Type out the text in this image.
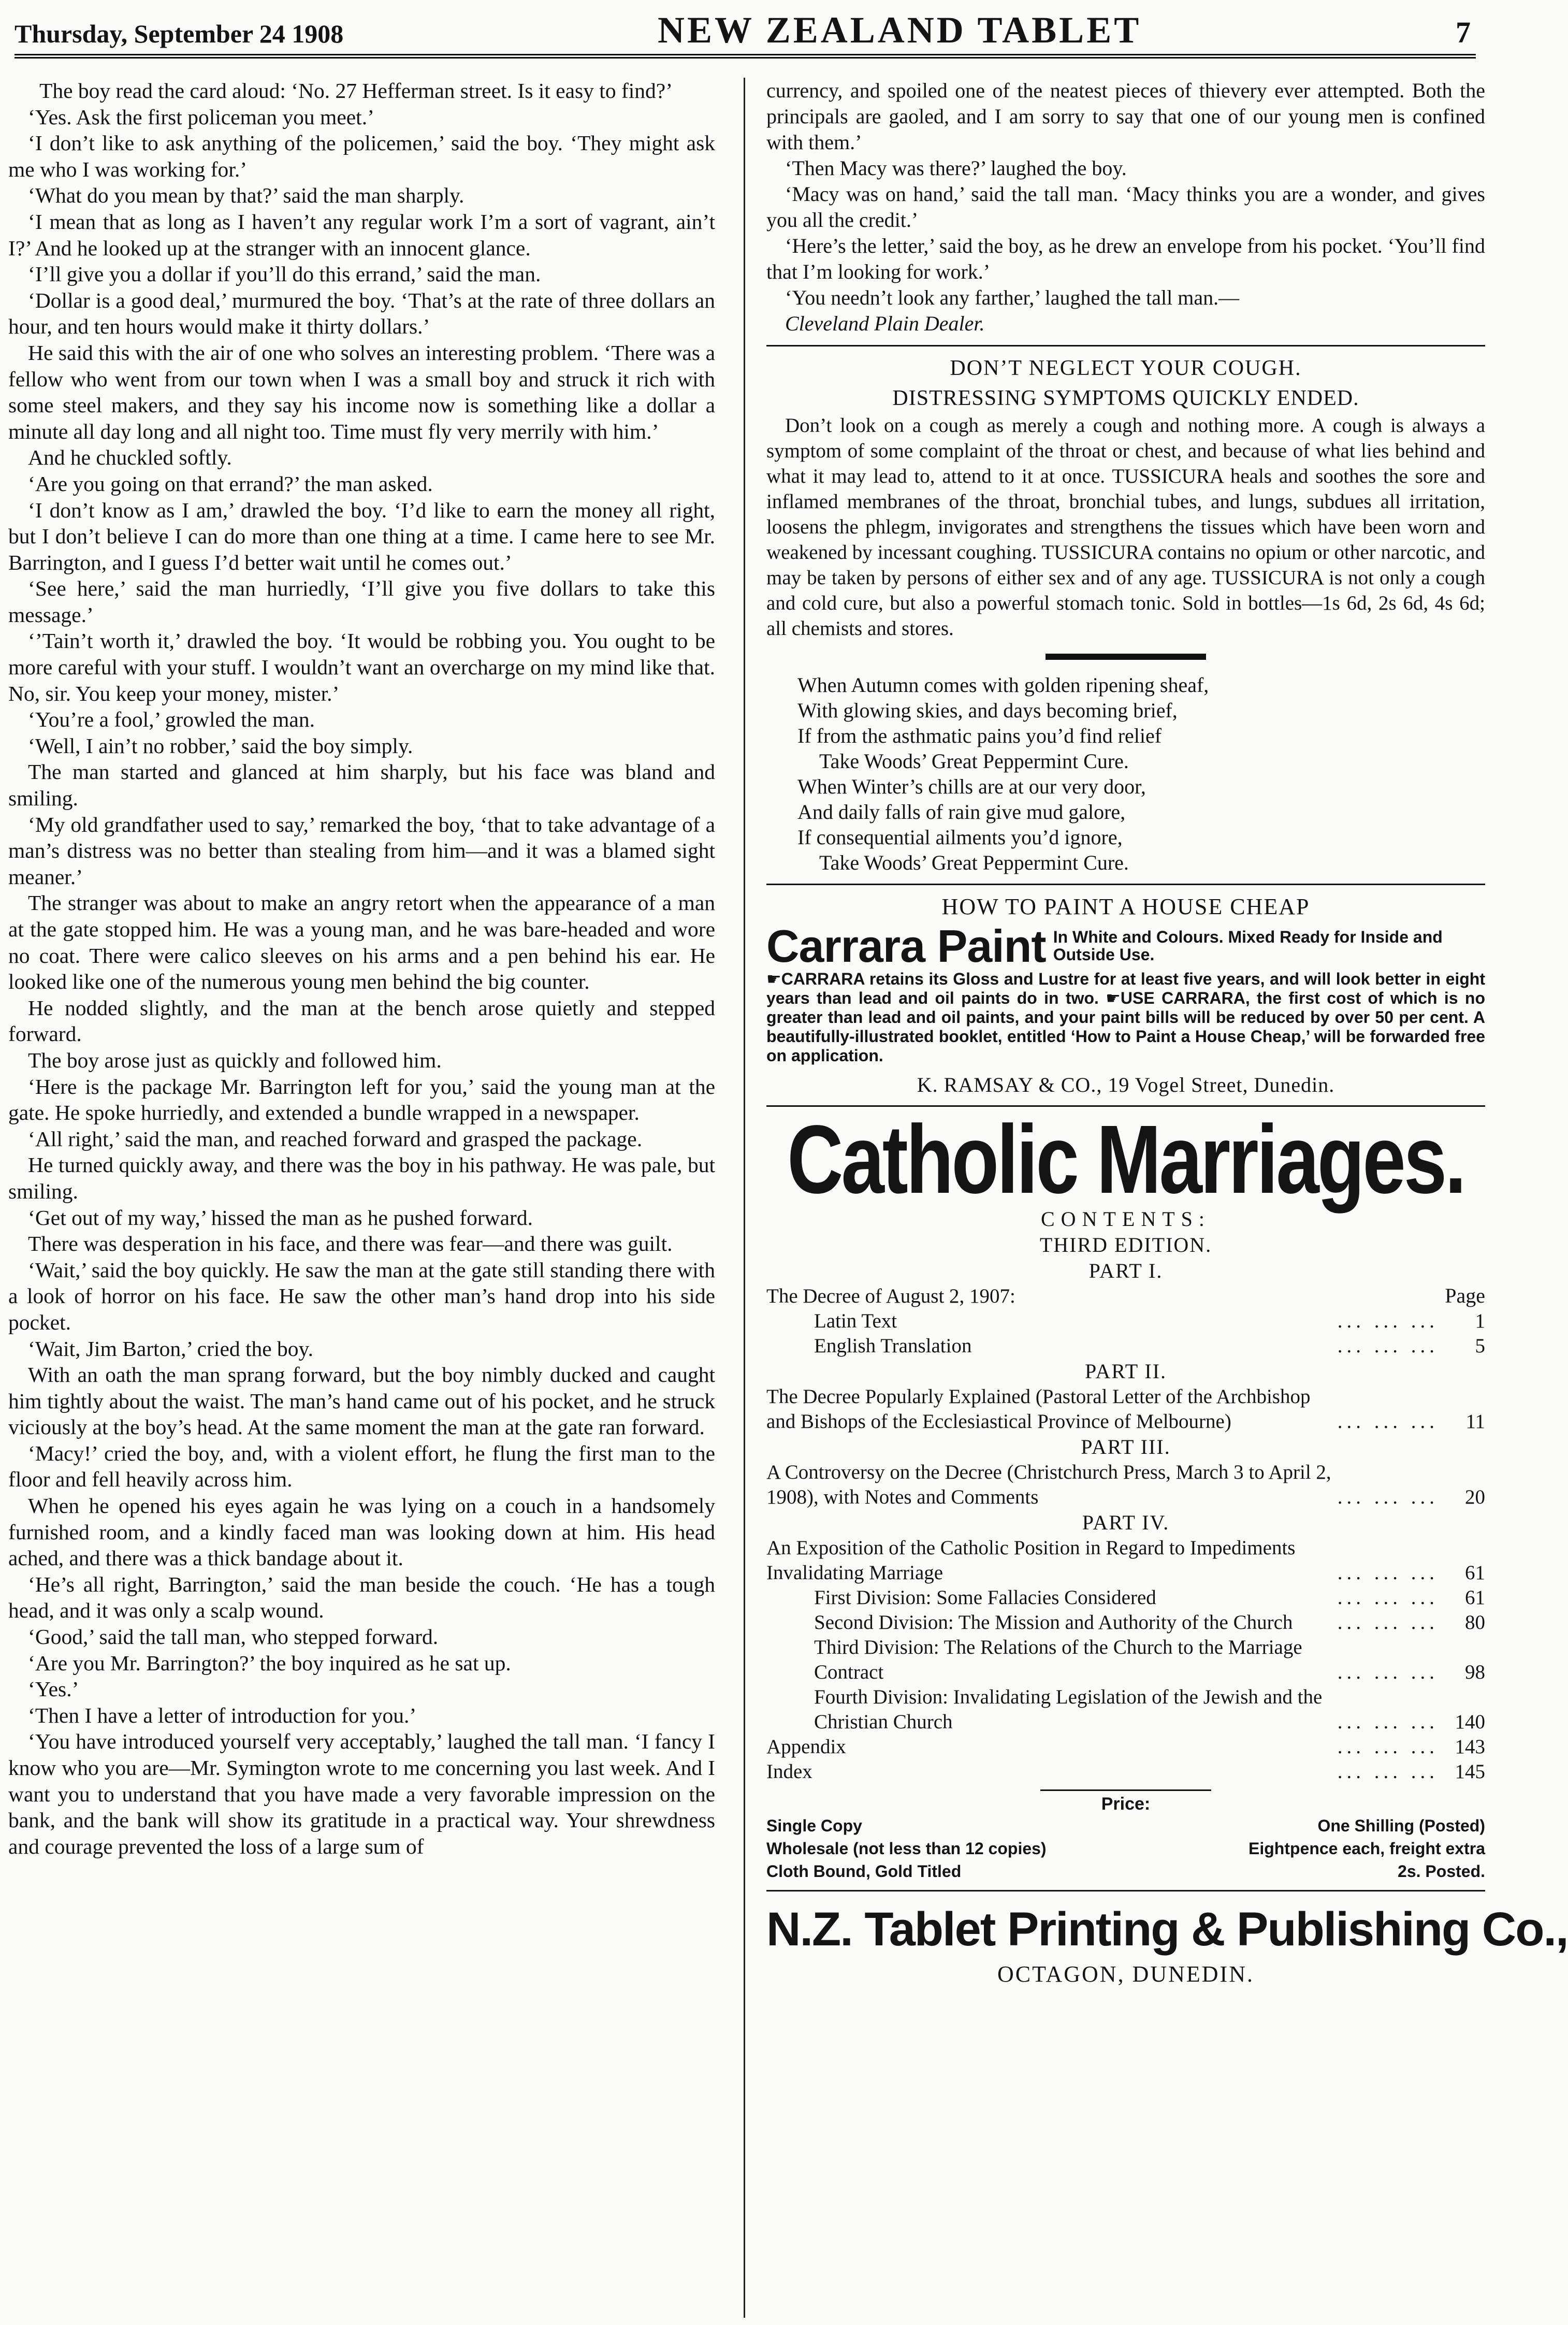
Thursday, September 24 1908	NEW ZEALAND TABLET	7

The boy read the card aloud: ‘No. 27 Hefferman street. Is it easy to find?’

‘Yes. Ask the first policeman you meet.’

‘I don’t like to ask anything of the policemen,’ said the boy. ‘They might ask me who I was working for.’

‘What do you mean by that?’ said the man sharply.

‘I mean that as long as I haven’t any regular work I’m a sort of vagrant, ain’t I?’ And he looked up at the stranger with an innocent glance.

‘I’ll give you a dollar if you’ll do this errand,’ said the man.

‘Dollar is a good deal,’ murmured the boy. ‘That’s at the rate of three dollars an hour, and ten hours would make it thirty dollars.’

He said this with the air of one who solves an interesting problem. ‘There was a fellow who went from our town when I was a small boy and struck it rich with some steel makers, and they say his income now is something like a dollar a minute all day long and all night too. Time must fly very merrily with him.’

And he chuckled softly.

‘Are you going on that errand?’ the man asked.

‘I don’t know as I am,’ drawled the boy. ‘I’d like to earn the money all right, but I don’t believe I can do more than one thing at a time. I came here to see Mr. Barrington, and I guess I’d better wait until he comes out.’

‘See here,’ said the man hurriedly, ‘I’ll give you five dollars to take this message.’

‘’Tain’t worth it,’ drawled the boy. ‘It would be robbing you. You ought to be more careful with your stuff. I wouldn’t want an overcharge on my mind like that. No, sir. You keep your money, mister.’

‘You’re a fool,’ growled the man.

‘Well, I ain’t no robber,’ said the boy simply.

The man started and glanced at him sharply, but his face was bland and smiling.

‘My old grandfather used to say,’ remarked the boy, ‘that to take advantage of a man’s distress was no better than stealing from him—and it was a blamed sight meaner.’

The stranger was about to make an angry retort when the appearance of a man at the gate stopped him. He was a young man, and he was bare-headed and wore no coat. There were calico sleeves on his arms and a pen behind his ear. He looked like one of the numerous young men behind the big counter.

He nodded slightly, and the man at the bench arose quietly and stepped forward.

The boy arose just as quickly and followed him.

‘Here is the package Mr. Barrington left for you,’ said the young man at the gate. He spoke hurriedly, and extended a bundle wrapped in a newspaper.

‘All right,’ said the man, and reached forward and grasped the package.

He turned quickly away, and there was the boy in his pathway. He was pale, but smiling.

‘Get out of my way,’ hissed the man as he pushed forward.

There was desperation in his face, and there was fear—and there was guilt.

‘Wait,’ said the boy quickly. He saw the man at the gate still standing there with a look of horror on his face. He saw the other man’s hand drop into his side pocket.

‘Wait, Jim Barton,’ cried the boy.

With an oath the man sprang forward, but the boy nimbly ducked and caught him tightly about the waist. The man’s hand came out of his pocket, and he struck viciously at the boy’s head. At the same moment the man at the gate ran forward.

‘Macy!’ cried the boy, and, with a violent effort, he flung the first man to the floor and fell heavily across him.

When he opened his eyes again he was lying on a couch in a handsomely furnished room, and a kindly faced man was looking down at him. His head ached, and there was a thick bandage about it.

‘He’s all right, Barrington,’ said the man beside the couch. ‘He has a tough head, and it was only a scalp wound.

‘Good,’ said the tall man, who stepped forward.

‘Are you Mr. Barrington?’ the boy inquired as he sat up.

‘Yes.’

‘Then I have a letter of introduction for you.’

‘You have introduced yourself very acceptably,’ laughed the tall man. ‘I fancy I know who you are—Mr. Symington wrote to me concerning you last week. And I want you to understand that you have made a very favorable impression on the bank, and the bank will show its gratitude in a practical way. Your shrewdness and courage prevented the loss of a large sum of

currency, and spoiled one of the neatest pieces of thievery ever attempted. Both the principals are gaoled, and I am sorry to say that one of our young men is confined with them.’

‘Then Macy was there?’ laughed the boy.

‘Macy was on hand,’ said the tall man. ‘Macy thinks you are a wonder, and gives you all the credit.’

‘Here’s the letter,’ said the boy, as he drew an envelope from his pocket. ‘You’ll find that I’m looking for work.’

‘You needn’t look any farther,’ laughed the tall man.—

Cleveland Plain Dealer.

DON’T NEGLECT YOUR COUGH.
DISTRESSING SYMPTOMS QUICKLY ENDED.

Don’t look on a cough as merely a cough and nothing more. A cough is always a symptom of some complaint of the throat or chest, and because of what lies behind and what it may lead to, attend to it at once. TUSSICURA heals and soothes the sore and inflamed membranes of the throat, bronchial tubes, and lungs, subdues all irritation, loosens the phlegm, invigorates and strengthens the tissues which have been worn and weakened by incessant coughing. TUSSICURA contains no opium or other narcotic, and may be taken by persons of either sex and of any age. TUSSICURA is not only a cough and cold cure, but also a powerful stomach tonic. Sold in bottles—1s 6d, 2s 6d, 4s 6d; all chemists and stores.

When Autumn comes with golden ripening sheaf,
With glowing skies, and days becoming brief,
If from the asthmatic pains you’d find relief
Take Woods’ Great Peppermint Cure.
When Winter’s chills are at our very door,
And daily falls of rain give mud galore,
If consequential ailments you’d ignore,
Take Woods’ Great Peppermint Cure.
HOW TO PAINT A HOUSE CHEAP
Carrara Paint In White and Colours. Mixed Ready for Inside and Outside Use.
☛CARRARA retains its Gloss and Lustre for at least five years, and will look better in eight years than lead and oil paints do in two. ☛USE CARRARA, the first cost of which is no greater than lead and oil paints, and your paint bills will be reduced by over 50 per cent. A beautifully-illustrated booklet, entitled ‘How to Paint a House Cheap,’ will be forwarded free on application.
K. RAMSAY & CO., 19 Vogel Street, Dunedin.
Catholic Marriages.
CONTENTS:
THIRD EDITION.
PART I.
Page
The Decree of August 2, 1907:
Latin Text	... ... ...	1
English Translation	... ... ...	5
PART II.
The Decree Popularly Explained (Pastoral Letter of the Archbishop and Bishops of the Ecclesiastical Province of Melbourne)	... ... ...	11
PART III.
A Controversy on the Decree (Christchurch Press, March 3 to April 2, 1908), with Notes and Comments	... ... ...	20
PART IV.
An Exposition of the Catholic Position in Regard to Impediments Invalidating Marriage	... ... ...	61
First Division: Some Fallacies Considered	... ... ...	61
Second Division: The Mission and Authority of the Church	... ... ...	80
Third Division: The Relations of the Church to the Marriage Contract	... ... ...	98
Fourth Division: Invalidating Legislation of the Jewish and the Christian Church	... ... ... 140
Appendix	... ... ... 143
Index	... ... ... 145
Price:
Single Copy	One Shilling (Posted)
Wholesale (not less than 12 copies)	Eightpence each, freight extra
Cloth Bound, Gold Titled	2s. Posted.
N.Z. Tablet Printing & Publishing Co.,
OCTAGON, DUNEDIN.
